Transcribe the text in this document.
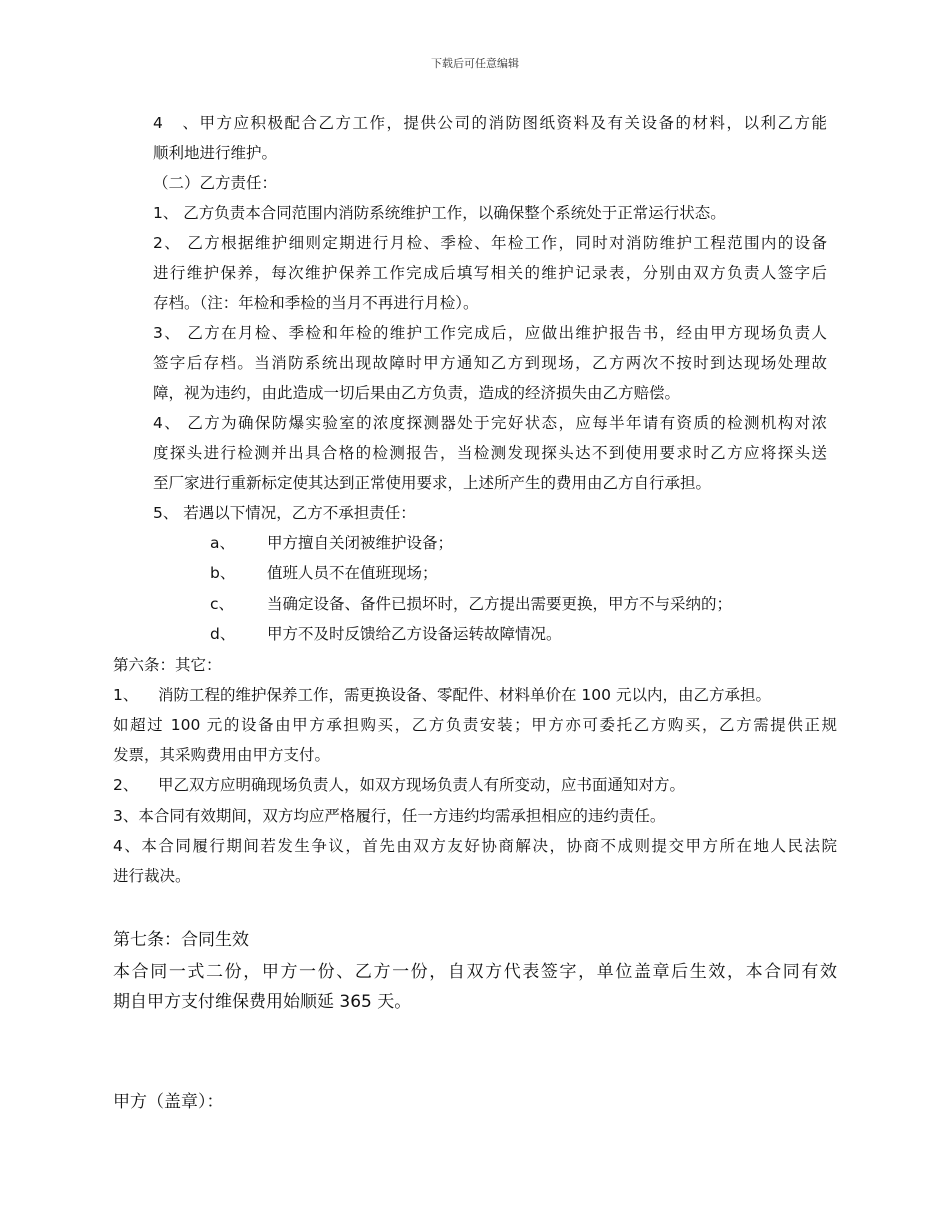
下载后可任意编辑
4、甲方应积极配合乙方工作，提供公司的消防图纸资料及有关设备的材料，以利乙方能
顺利地进行维护。
（二）乙方责任：
1、 乙方负责本合同范围内消防系统维护工作，以确保整个系统处于正常运行状态。
2、 乙方根据维护细则定期进行月检、季检、年检工作，同时对消防维护工程范围内的设备
进行维护保养，每次维护保养工作完成后填写相关的维护记录表，分别由双方负责人签字后
存档。（注：年检和季检的当月不再进行月检）。
3、 乙方在月检、季检和年检的维护工作完成后，应做出维护报告书，经由甲方现场负责人
签字后存档。当消防系统出现故障时甲方通知乙方到现场，乙方两次不按时到达现场处理故
障，视为违约，由此造成一切后果由乙方负责，造成的经济损失由乙方赔偿。
4、 乙方为确保防爆实验室的浓度探测器处于完好状态，应每半年请有资质的检测机构对浓
度探头进行检测并出具合格的检测报告，当检测发现探头达不到使用要求时乙方应将探头送
至厂家进行重新标定使其达到正常使用要求，上述所产生的费用由乙方自行承担。
5、 若遇以下情况，乙方不承担责任：
a、 甲方擅自关闭被维护设备；
b、 值班人员不在值班现场；
c、 当确定设备、备件已损坏时，乙方提出需要更换，甲方不与采纳的；
d、 甲方不及时反馈给乙方设备运转故障情况。
第六条：其它：
1、 消防工程的维护保养工作，需更换设备、零配件、材料单价在 100 元以内，由乙方承担。
如超过 100 元的设备由甲方承担购买，乙方负责安装；甲方亦可委托乙方购买，乙方需提供正规
发票，其采购费用由甲方支付。
2、 甲乙双方应明确现场负责人，如双方现场负责人有所变动，应书面通知对方。
3、本合同有效期间，双方均应严格履行，任一方违约均需承担相应的违约责任。
4、本合同履行期间若发生争议，首先由双方友好协商解决，协商不成则提交甲方所在地人民法院
进行裁决。
第七条：合同生效
本合同一式二份，甲方一份、乙方一份，自双方代表签字，单位盖章后生效，本合同有效
期自甲方支付维保费用始顺延 365 天。
甲方（盖章）：
